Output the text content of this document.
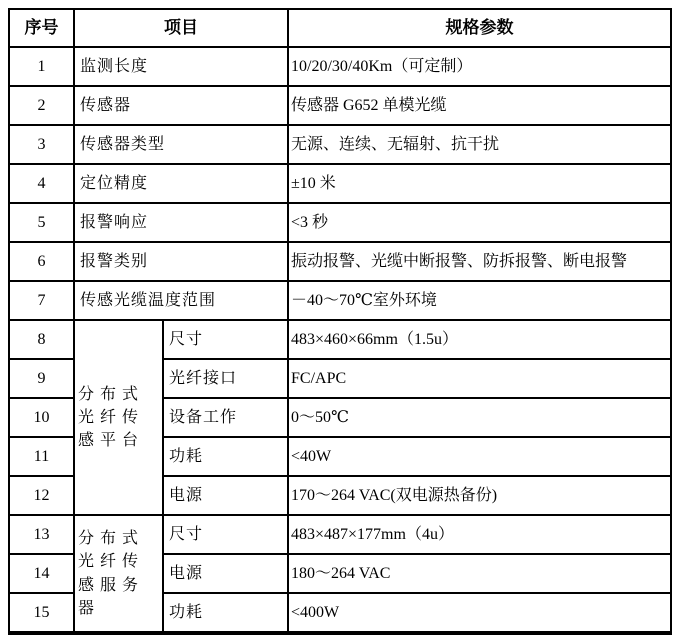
序号	项目		规格参数
1	监测长度		10/20/30/40Km（可定制）
2	传感器		传感器 G652 单模光缆
3	传感器类型		无源、连续、无辐射、抗干扰
4	定位精度		±10 米
5	报警响应		<3 秒
6	报警类别		振动报警、光缆中断报警、防拆报警、断电报警
7	传感光缆温度范围		－40～70℃室外环境
8	分布式光纤传感平台	尺寸	483×460×66mm（1.5u）
9		光纤接口	FC/APC
10		设备工作	0～50℃
11		功耗	<40W
12		电源	170～264 VAC(双电源热备份)
13	分布式光纤传感服务器	尺寸	483×487×177mm（4u）
14		电源	180～264 VAC
15		功耗	<400W
